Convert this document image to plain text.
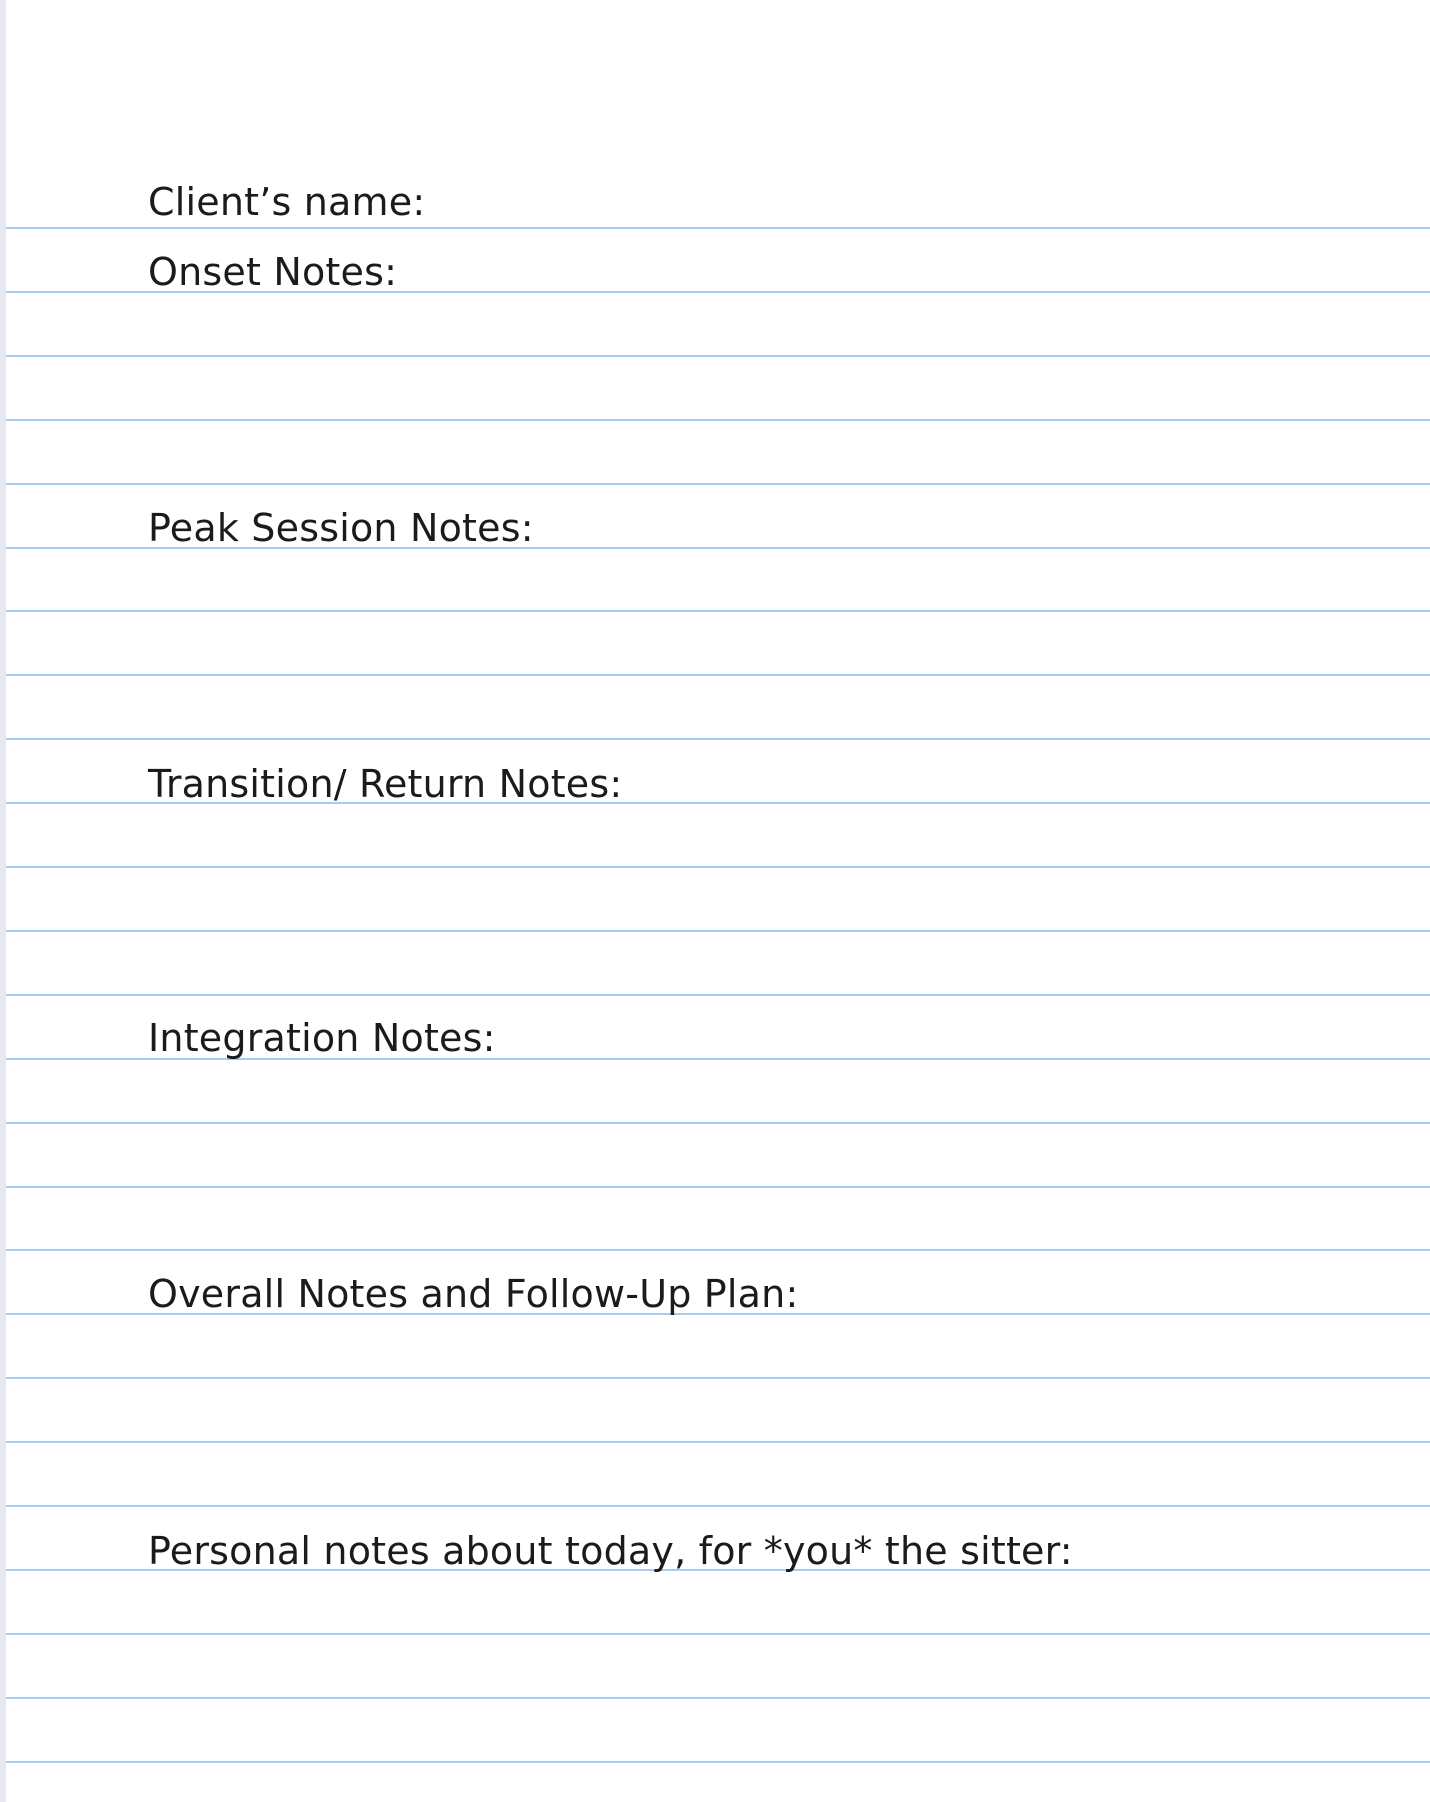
Client’s name:
Onset Notes:
Peak Session Notes:
Transition/ Return Notes:
Integration Notes:
Overall Notes and Follow-Up Plan:
Personal notes about today, for *you* the sitter:
